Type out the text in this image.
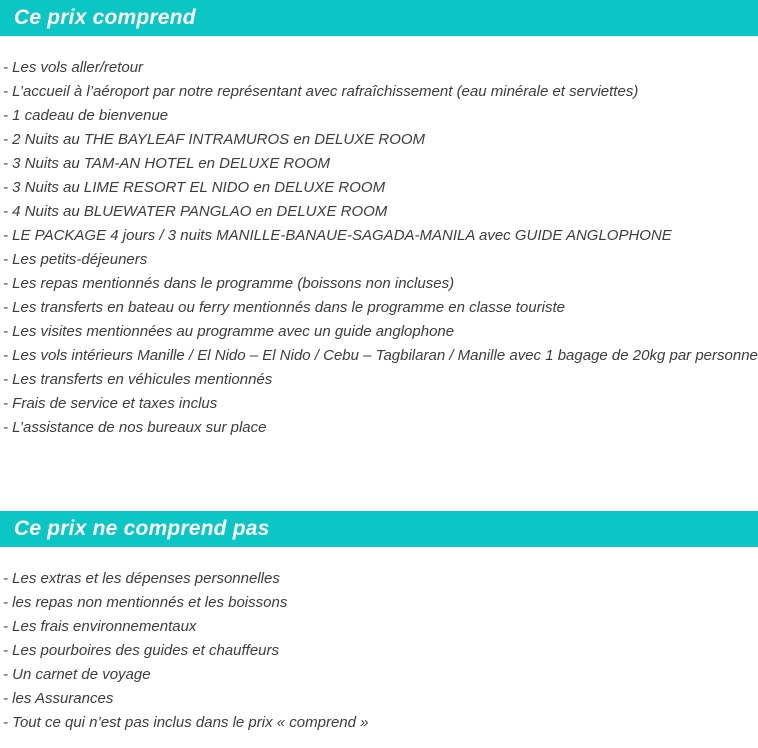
Ce prix comprend
- Les vols aller/retour
- L’accueil à l’aéroport par notre représentant avec rafraîchissement (eau minérale et serviettes)
- 1 cadeau de bienvenue
- 2 Nuits au THE BAYLEAF INTRAMUROS en DELUXE ROOM
- 3 Nuits au TAM-AN HOTEL en DELUXE ROOM
- 3 Nuits au LIME RESORT EL NIDO en DELUXE ROOM
- 4 Nuits au BLUEWATER PANGLAO en DELUXE ROOM
- LE PACKAGE 4 jours / 3 nuits MANILLE-BANAUE-SAGADA-MANILA avec GUIDE ANGLOPHONE
- Les petits-déjeuners
- Les repas mentionnés dans le programme (boissons non incluses)
- Les transferts en bateau ou ferry mentionnés dans le programme en classe touriste
- Les visites mentionnées au programme avec un guide anglophone
- Les vols intérieurs Manille / El Nido – El Nido / Cebu – Tagbilaran / Manille avec 1 bagage de 20kg par personne
- Les transferts en véhicules mentionnés
- Frais de service et taxes inclus
- L’assistance de nos bureaux sur place
Ce prix ne comprend pas
- Les extras et les dépenses personnelles
- les repas non mentionnés et les boissons
- Les frais environnementaux
- Les pourboires des guides et chauffeurs
- Un carnet de voyage
- les Assurances
- Tout ce qui n’est pas inclus dans le prix « comprend »
